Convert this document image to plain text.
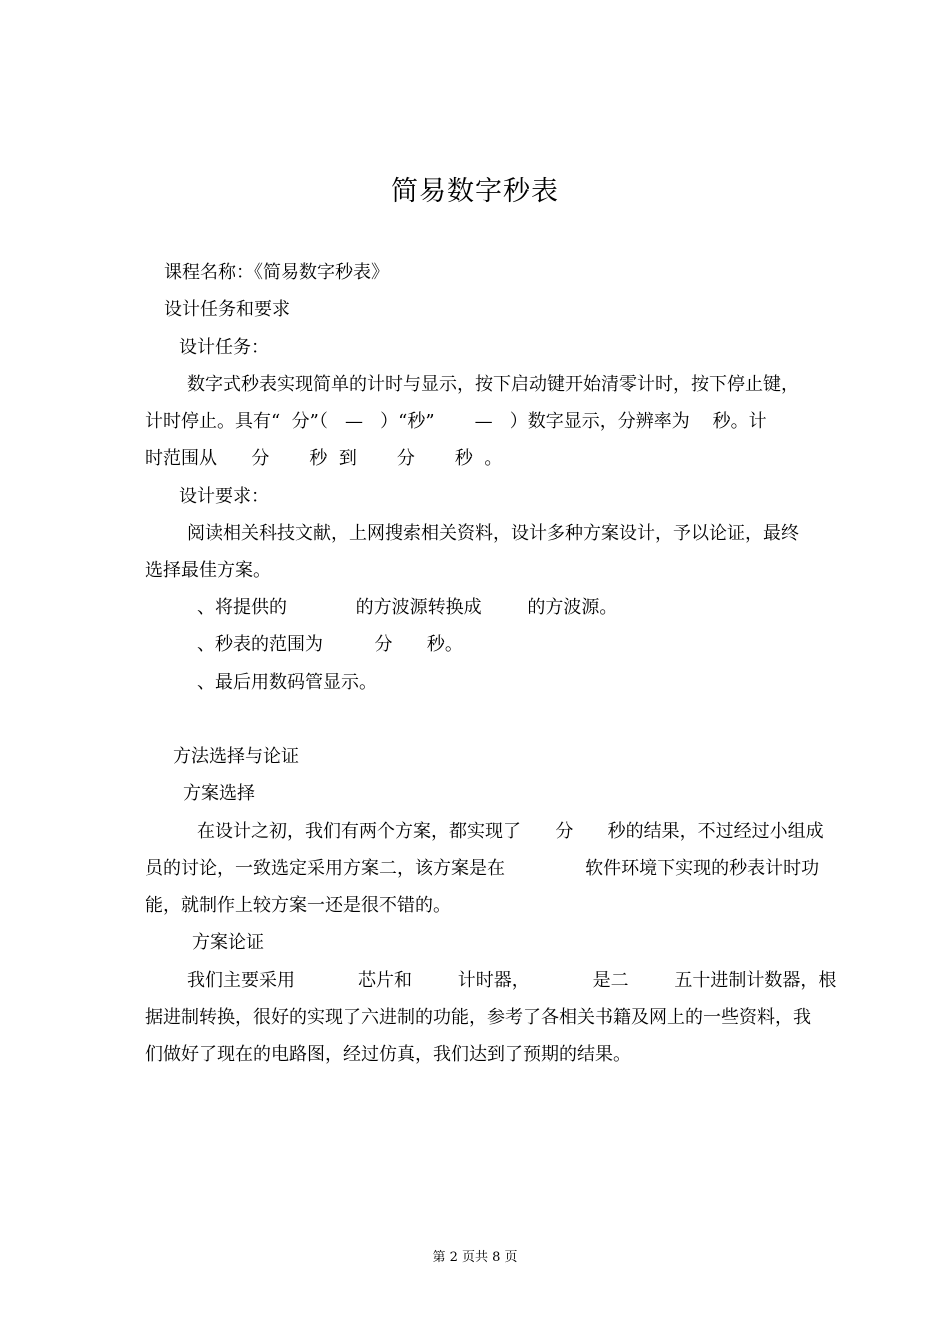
简易数字秒表
课程名称：《简易数字秒表》
设计任务和要求
设计任务：
数字式秒表实现简单的计时与显示，按下启动键开始清零计时，按下停止键，
计时停止。具有“  分”（   —   ）“秒”       —   ）数字显示，分辨率为    秒。计
时范围从      分       秒  到       分       秒  。
设计要求：
阅读相关科技文献，上网搜索相关资料，设计多种方案设计，予以论证，最终
选择最佳方案。
、将提供的            的方波源转换成        的方波源。
、秒表的范围为         分      秒。
、最后用数码管显示。
方法选择与论证
方案选择
在设计之初，我们有两个方案，都实现了      分      秒的结果，不过经过小组成
员的讨论，一致选定采用方案二，该方案是在              软件环境下实现的秒表计时功
能，就制作上较方案一还是很不错的。
方案论证
我们主要采用           芯片和        计时器，           是二        五十进制计数器，根
据进制转换，很好的实现了六进制的功能，参考了各相关书籍及网上的一些资料，我
们做好了现在的电路图，经过仿真，我们达到了预期的结果。
第 2 页共 8 页
